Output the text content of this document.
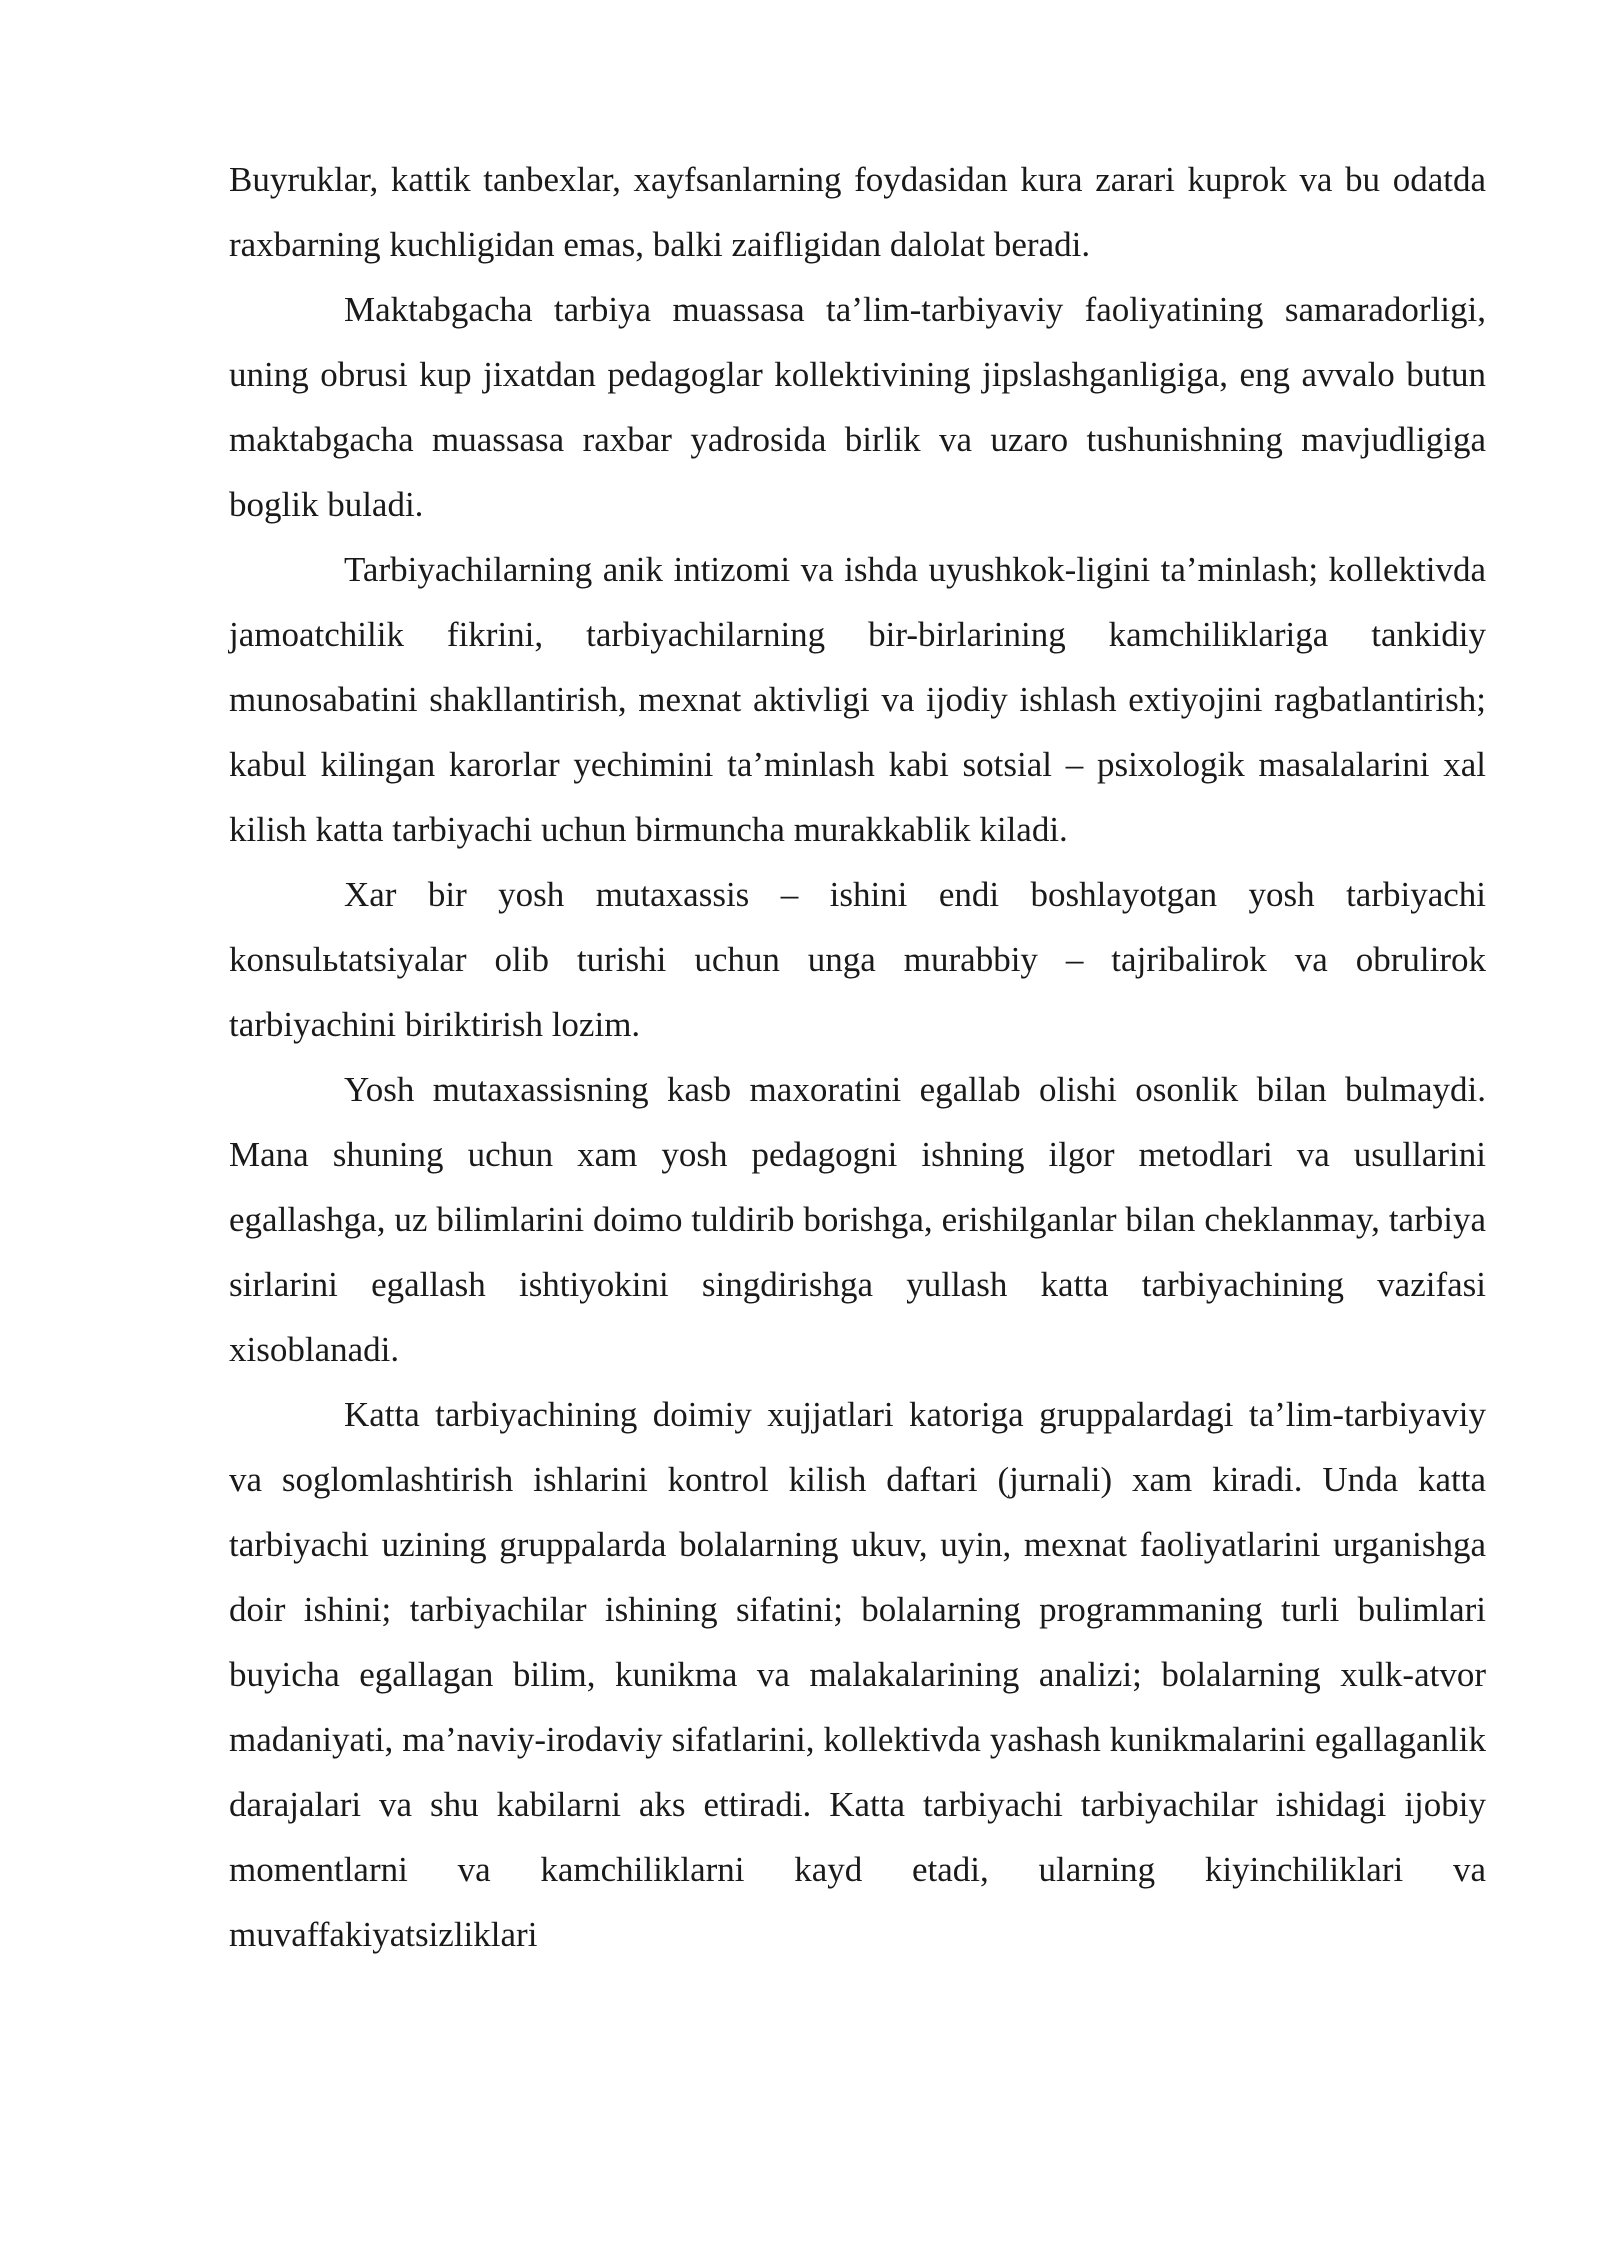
Buyruklar, kattik tanbexlar, xayfsanlarning foydasidan kura zarari kuprok va bu odatda raxbarning kuchligidan emas, balki zaifligidan dalolat beradi.

Maktabgacha tarbiya muassasa ta’lim-tarbiyaviy faoliyatining samaradorligi, uning obrusi kup jixatdan pedagoglar kollektivining jipslashganligiga, eng avvalo butun maktabgacha muassasa raxbar yadrosida birlik va uzaro tushunishning mavjudligiga boglik buladi.

Tarbiyachilarning anik intizomi va ishda uyushkok-ligini ta’minlash; kollektivda jamoatchilik fikrini, tarbiyachilarning bir-birlarining kamchiliklariga tankidiy munosabatini shakllantirish, mexnat aktivligi va ijodiy ishlash extiyojini ragbatlantirish; kabul kilingan karorlar yechimini ta’minlash kabi sotsial – psixologik masalalarini xal kilish katta tarbiyachi uchun birmuncha murakkablik kiladi.

Xar bir yosh mutaxassis – ishini endi boshlayotgan yosh tarbiyachi konsulьtatsiyalar olib turishi uchun unga murabbiy – tajribalirok va obrulirok tarbiyachini biriktirish lozim.

Yosh mutaxassisning kasb maxoratini egallab olishi osonlik bilan bulmaydi. Mana shuning uchun xam yosh pedagogni ishning ilgor metodlari va usullarini egallashga, uz bilimlarini doimo tuldirib borishga, erishilganlar bilan cheklanmay, tarbiya sirlarini egallash ishtiyokini singdirishga yullash katta tarbiyachining vazifasi xisoblanadi.

Katta tarbiyachining doimiy xujjatlari katoriga gruppalardagi ta’lim-tarbiyaviy va soglomlashtirish ishlarini kontrol kilish daftari (jurnali) xam kiradi. Unda katta tarbiyachi uzining gruppalarda bolalarning ukuv, uyin, mexnat faoliyatlarini urganishga doir ishini; tarbiyachilar ishining sifatini; bolalarning programmaning turli bulimlari buyicha egallagan bilim, kunikma va malakalarining analizi; bolalarning xulk-atvor madaniyati, ma’naviy-irodaviy sifatlarini, kollektivda yashash kunikmalarini egallaganlik darajalari va shu kabilarni aks ettiradi. Katta tarbiyachi tarbiyachilar ishidagi ijobiy momentlarni va kamchiliklarni kayd etadi, ularning kiyinchiliklari va muvaffakiyatsizliklari
